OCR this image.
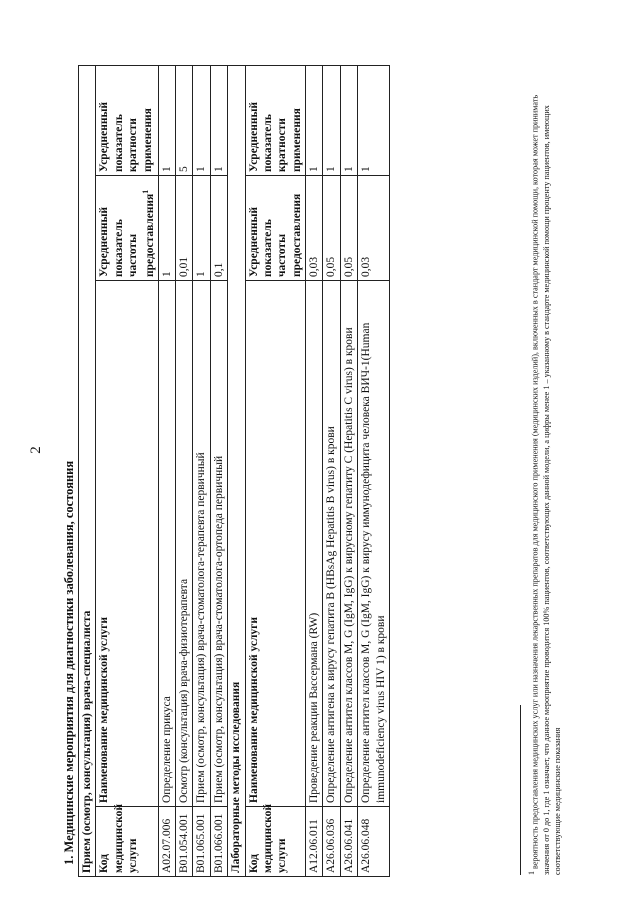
2
1. Медицинские мероприятия для диагностики заболевания, состояния Прием (осмотр, консультация) врача-специалиста			
Код медицинской услуги	Наименование медицинской услуги	Усредненный показатель частоты предоставления$^1$	Усредненный показатель кратности применения
A02.07.006	Определение прикуса	1	1
B01.054.001	Осмотр (консультация) врача-физиотерапевта	0,01	5
B01.065.001	Прием (осмотр, консультация) врача-стоматолога-терапевта первичный	1	1
B01.066.001	Прием (осмотр, консультация) врача-стоматолога-ортопеда первичный	0,1	1
Лабораторные методы исследования			
Код медицинской услуги	Наименование медицинской услуги	Усредненный показатель частоты предоставления	Усредненный показатель кратности применения
A12.06.011	Проведение реакции Вассермана (RW)	0,03	1
A26.06.036	Определение антигена к вирусу гепатита B (HBsAg Hepatitis B virus) в крови	0,05	1
A26.06.041	Определение антител классов M, G (IgM, IgG) к вирусному гепатиту C (Hepatitis C virus) в крови	0,05	1
A26.06.048	Определение антител классов M, G (IgM, IgG) к вирусу иммунодефицита человека ВИЧ-1(Human immunodeficiency virus HIV 1) в крови	0,03	1
1 вероятность предоставления медицинских услуг или назначения лекарственных препаратов для медицинского применения (медицинских изделий), включенных в стандарт медицинской помощи, которая может принимать значения от 0 до 1, где 1 означает, что данное мероприятие проводится 100% пациентов, соответствующих данной модели, а цифры менее 1 – указанному в стандарте медицинской помощи проценту пациентов, имеющих соответствующие медицинские показания
